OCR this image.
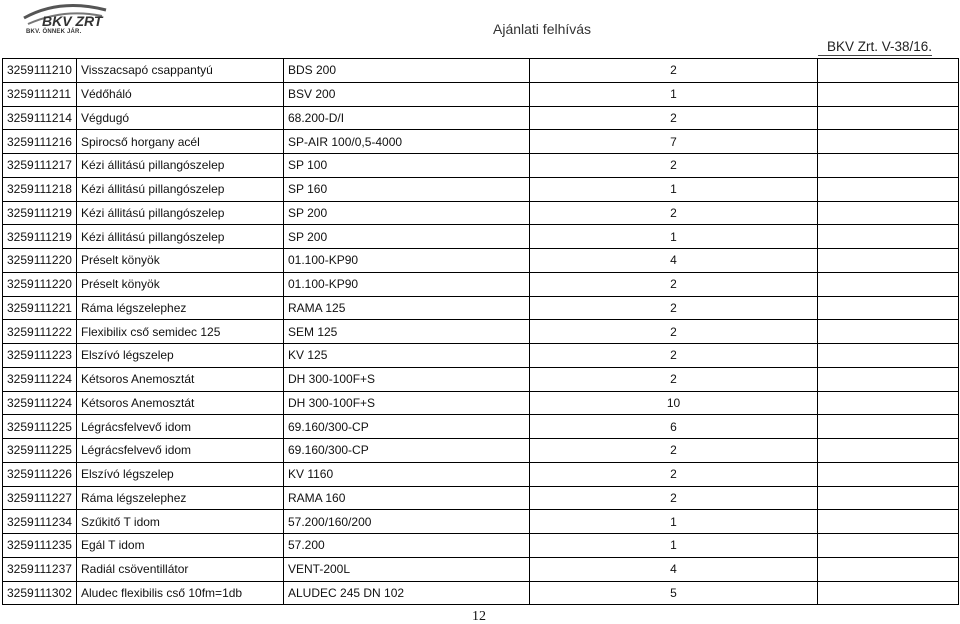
BKV ZRT
BKV. ÖNNEK JÁR.	Ajánlati felhívás
BKV Zrt. V-38/16.
3259111210	Visszacsapó csappantyú	BDS 200	2	
3259111211	Védőháló	BSV 200	1	
3259111214	Végdugó	68.200-D/I	2	
3259111216	Spirocső horgany acél	SP-AIR 100/0,5-4000	7	
3259111217	Kézi állitású pillangószelep	SP 100	2	
3259111218	Kézi állitású pillangószelep	SP 160	1	
3259111219	Kézi állitású pillangószelep	SP 200	2	
3259111219	Kézi állitású pillangószelep	SP 200	1	
3259111220	Préselt könyök	01.100-KP90	4	
3259111220	Préselt könyök	01.100-KP90	2	
3259111221	Ráma légszelephez	RAMA 125	2	
3259111222	Flexibilix cső semidec 125	SEM 125	2	
3259111223	Elszívó légszelep	KV 125	2	
3259111224	Kétsoros Anemosztát	DH 300-100F+S	2	
3259111224	Kétsoros Anemosztát	DH 300-100F+S	10	
3259111225	Légrácsfelvevő idom	69.160/300-CP	6	
3259111225	Légrácsfelvevő idom	69.160/300-CP	2	
3259111226	Elszívó légszelep	KV 1160	2	
3259111227	Ráma légszelephez	RAMA 160	2	
3259111234	Szűkitő T idom	57.200/160/200	1	
3259111235	Egál T idom	57.200	1	
3259111237	Radiál csöventillátor	VENT-200L	4	
3259111302	Aludec flexibilis cső 10fm=1db	ALUDEC 245 DN 102	5	
12
